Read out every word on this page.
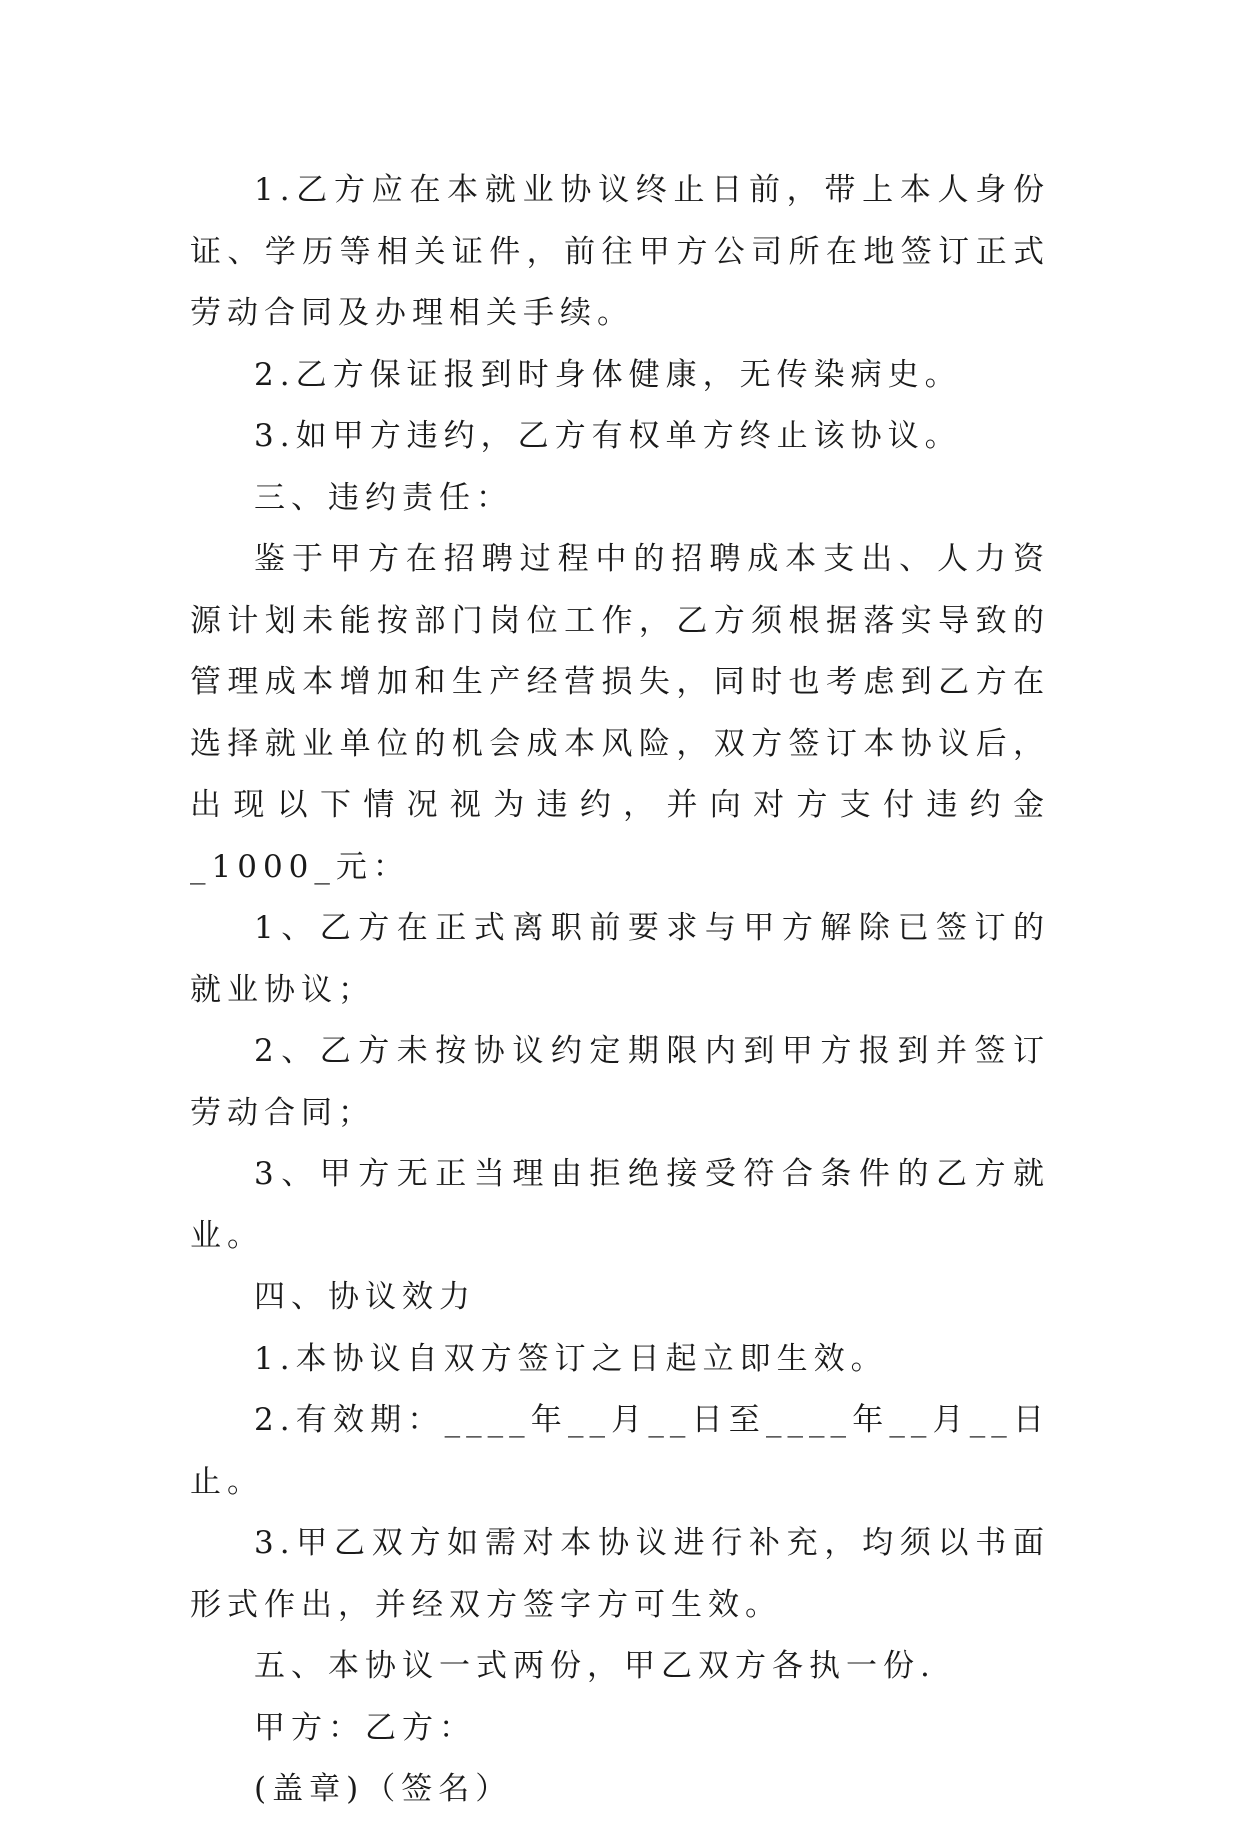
1.乙方应在本就业协议终止日前，带上本人身份证、学历等相关证件，前往甲方公司所在地签订正式劳动合同及办理相关手续。

2.乙方保证报到时身体健康，无传染病史。

3.如甲方违约，乙方有权单方终止该协议。

三、违约责任：

鉴于甲方在招聘过程中的招聘成本支出、人力资源计划未能按部门岗位工作，乙方须根据落实导致的管理成本增加和生产经营损失，同时也考虑到乙方在选择就业单位的机会成本风险，双方签订本协议后，出现以下情况视为违约，并向对方支付违约金_1000_元：

1、乙方在正式离职前要求与甲方解除已签订的就业协议；

2、乙方未按协议约定期限内到甲方报到并签订劳动合同；

3、甲方无正当理由拒绝接受符合条件的乙方就业。

四、协议效力

1.本协议自双方签订之日起立即生效。

2.有效期：____年__月__日至____年__月__日止。

3.甲乙双方如需对本协议进行补充，均须以书面形式作出，并经双方签字方可生效。

五、本协议一式两份，甲乙双方各执一份.

甲方：乙方：

(盖章)（签名）
